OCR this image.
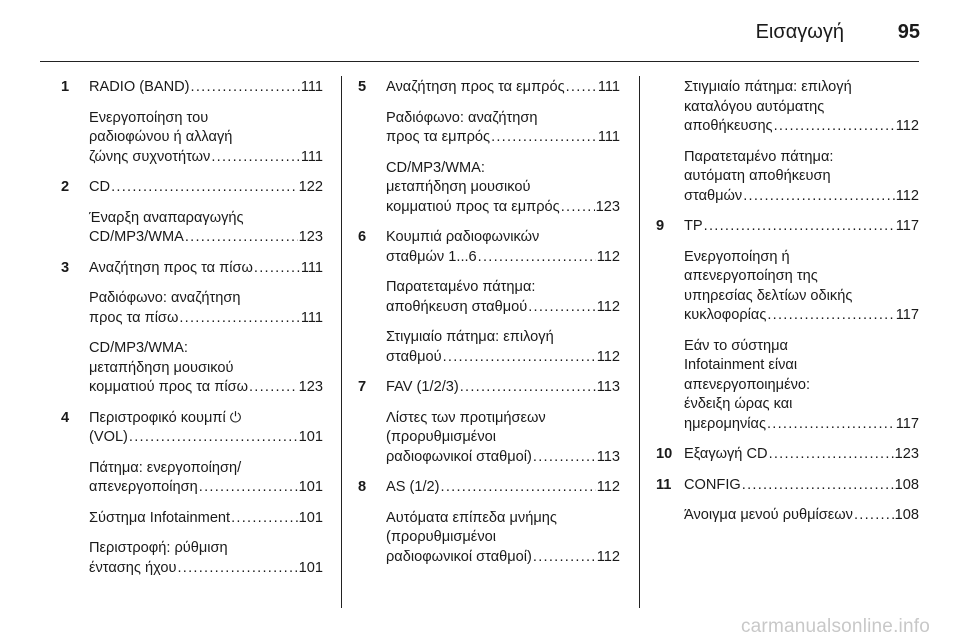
Εισαγωγή	95
1 RADIO (BAND) . . .	111
Ενεργοποίηση του
ραδιοφώνου ή αλλαγή
ζώνης συχνοτήτων . . .	111
2 CD . . .	122
Έναρξη αναπαραγωγής
CD/MP3/WMA . . .	123
3 Αναζήτηση προς τα πίσω . . .	111
Ραδιόφωνο: αναζήτηση
προς τα πίσω . . .	111
CD/MP3/WMA:
μεταπήδηση μουσικού
κομματιού προς τα πίσω . . .	123
4 Περιστροφικό κουμπί ⏻
(VOL) . . .	101
Πάτημα: ενεργοποίηση/
απενεργοποίηση . . .	101
Σύστημα Infotainment . . .	101
Περιστροφή: ρύθμιση
έντασης ήχου . . .	101
5 Αναζήτηση προς τα εμπρός . . . 111
Ραδιόφωνο: αναζήτηση
προς τα εμπρός . . .	111
CD/MP3/WMA:
μεταπήδηση μουσικού
κομματιού προς τα εμπρός . . . 123
6 Κουμπιά ραδιοφωνικών
σταθμών 1...6 . . .	112
Παρατεταμένο πάτημα:
αποθήκευση σταθμού . . .	112
Στιγμιαίο πάτημα: επιλογή
σταθμού . . .	112
7 FAV (1/2/3) . . .	113
Λίστες των προτιμήσεων
(προρυθμισμένοι
ραδιοφωνικοί σταθμοί) . . .	113
8 AS (1/2) . . .	112
Αυτόματα επίπεδα μνήμης
(προρυθμισμένοι
ραδιοφωνικοί σταθμοί) . . .	112
Στιγμιαίο πάτημα: επιλογή
καταλόγου αυτόματης
αποθήκευσης . . .	112
Παρατεταμένο πάτημα:
αυτόματη αποθήκευση
σταθμών . . .	112
9 TP . . .	117
Ενεργοποίηση ή
απενεργοποίηση της
υπηρεσίας δελτίων οδικής
κυκλοφορίας . . .	117
Εάν το σύστημα
Infotainment είναι
απενεργοποιημένο:
ένδειξη ώρας και
ημερομηνίας . . .	117
10 Εξαγωγή CD . . .	123
11 CONFIG . . .	108
Άνοιγμα μενού ρυθμίσεων . . .	108
carmanualsonline.info
